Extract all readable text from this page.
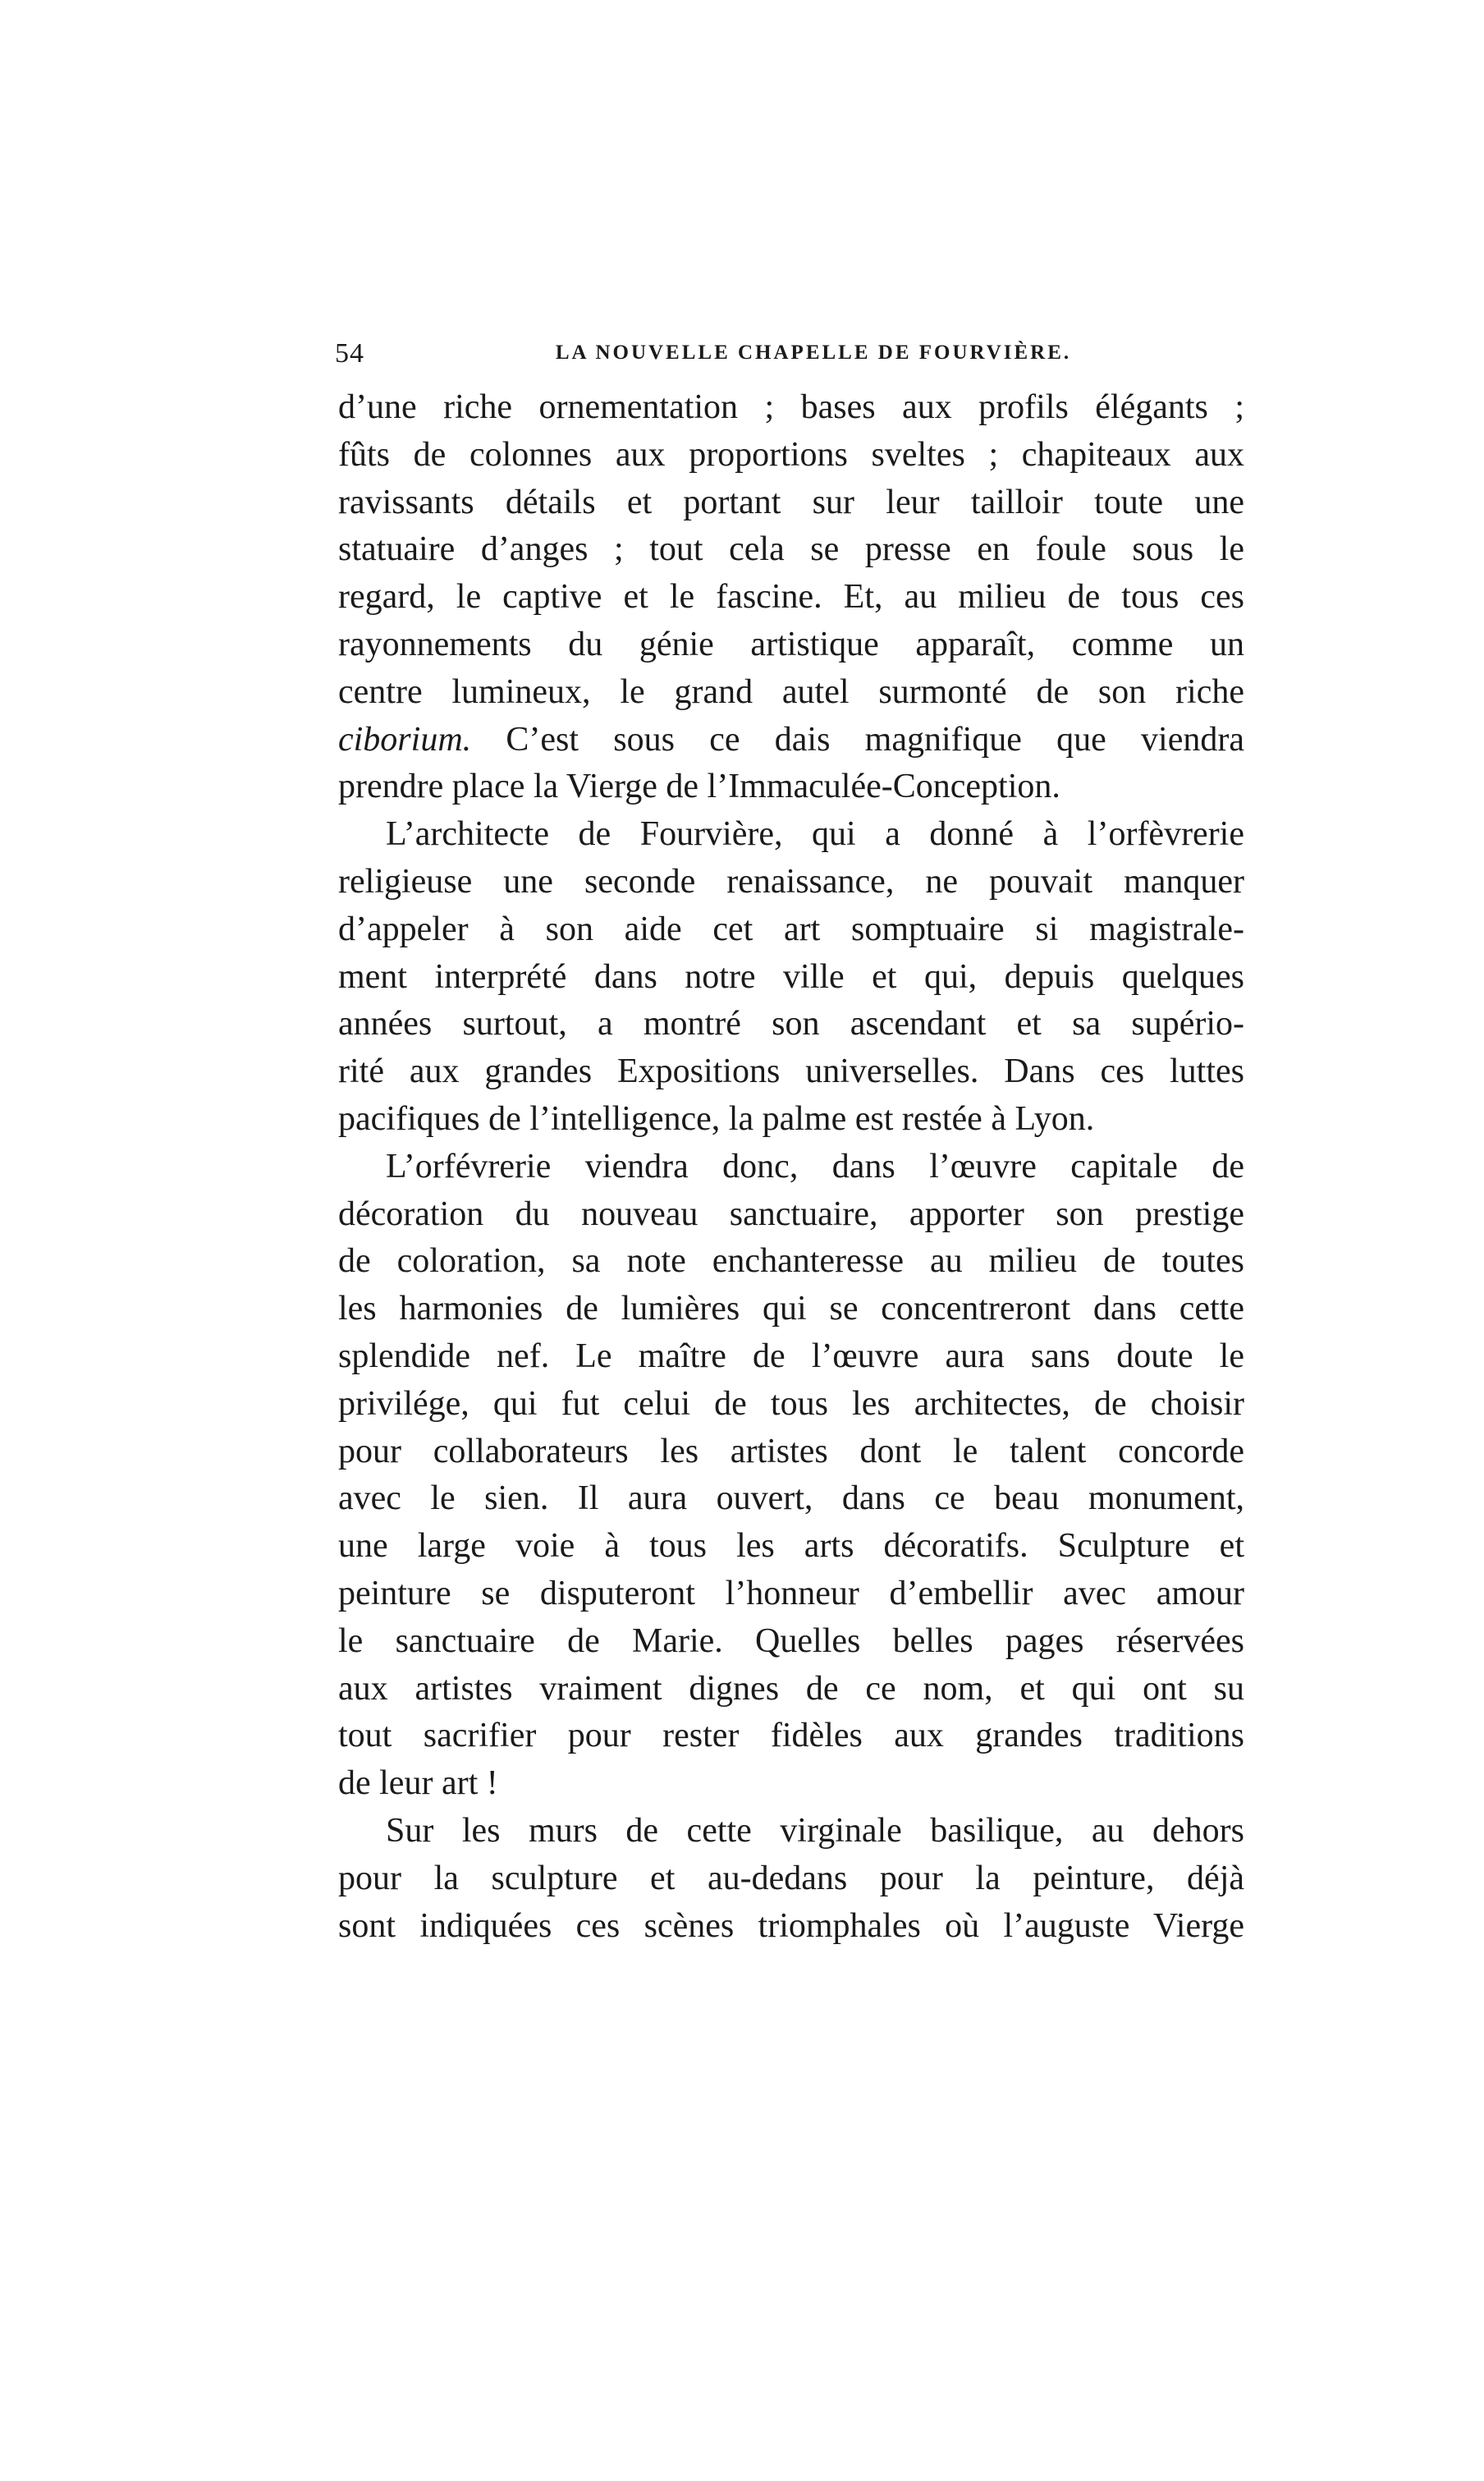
54	LA NOUVELLE CHAPELLE DE FOURVIÈRE.
d’une riche ornementation ; bases aux profils élégants ;
fûts de colonnes aux proportions sveltes ; chapiteaux aux
ravissants détails et portant sur leur tailloir toute une
statuaire d’anges ; tout cela se presse en foule sous le
regard, le captive et le fascine. Et, au milieu de tous ces
rayonnements du génie artistique apparaît, comme un
centre lumineux, le grand autel surmonté de son riche
ciborium. C’est sous ce dais magnifique que viendra
prendre place la Vierge de l’Immaculée-Conception.
L’architecte de Fourvière, qui a donné à l’orfèvrerie
religieuse une seconde renaissance, ne pouvait manquer
d’appeler à son aide cet art somptuaire si magistrale-
ment interprété dans notre ville et qui, depuis quelques
années surtout, a montré son ascendant et sa supério-
rité aux grandes Expositions universelles. Dans ces luttes
pacifiques de l’intelligence, la palme est restée à Lyon.
L’orfévrerie viendra donc, dans l’œuvre capitale de
décoration du nouveau sanctuaire, apporter son prestige
de coloration, sa note enchanteresse au milieu de toutes
les harmonies de lumières qui se concentreront dans cette
splendide nef. Le maître de l’œuvre aura sans doute le
privilége, qui fut celui de tous les architectes, de choisir
pour collaborateurs les artistes dont le talent concorde
avec le sien. Il aura ouvert, dans ce beau monument,
une large voie à tous les arts décoratifs. Sculpture et
peinture se disputeront l’honneur d’embellir avec amour
le sanctuaire de Marie. Quelles belles pages réservées
aux artistes vraiment dignes de ce nom, et qui ont su
tout sacrifier pour rester fidèles aux grandes traditions
de leur art !
Sur les murs de cette virginale basilique, au dehors
pour la sculpture et au-dedans pour la peinture, déjà
sont indiquées ces scènes triomphales où l’auguste Vierge
